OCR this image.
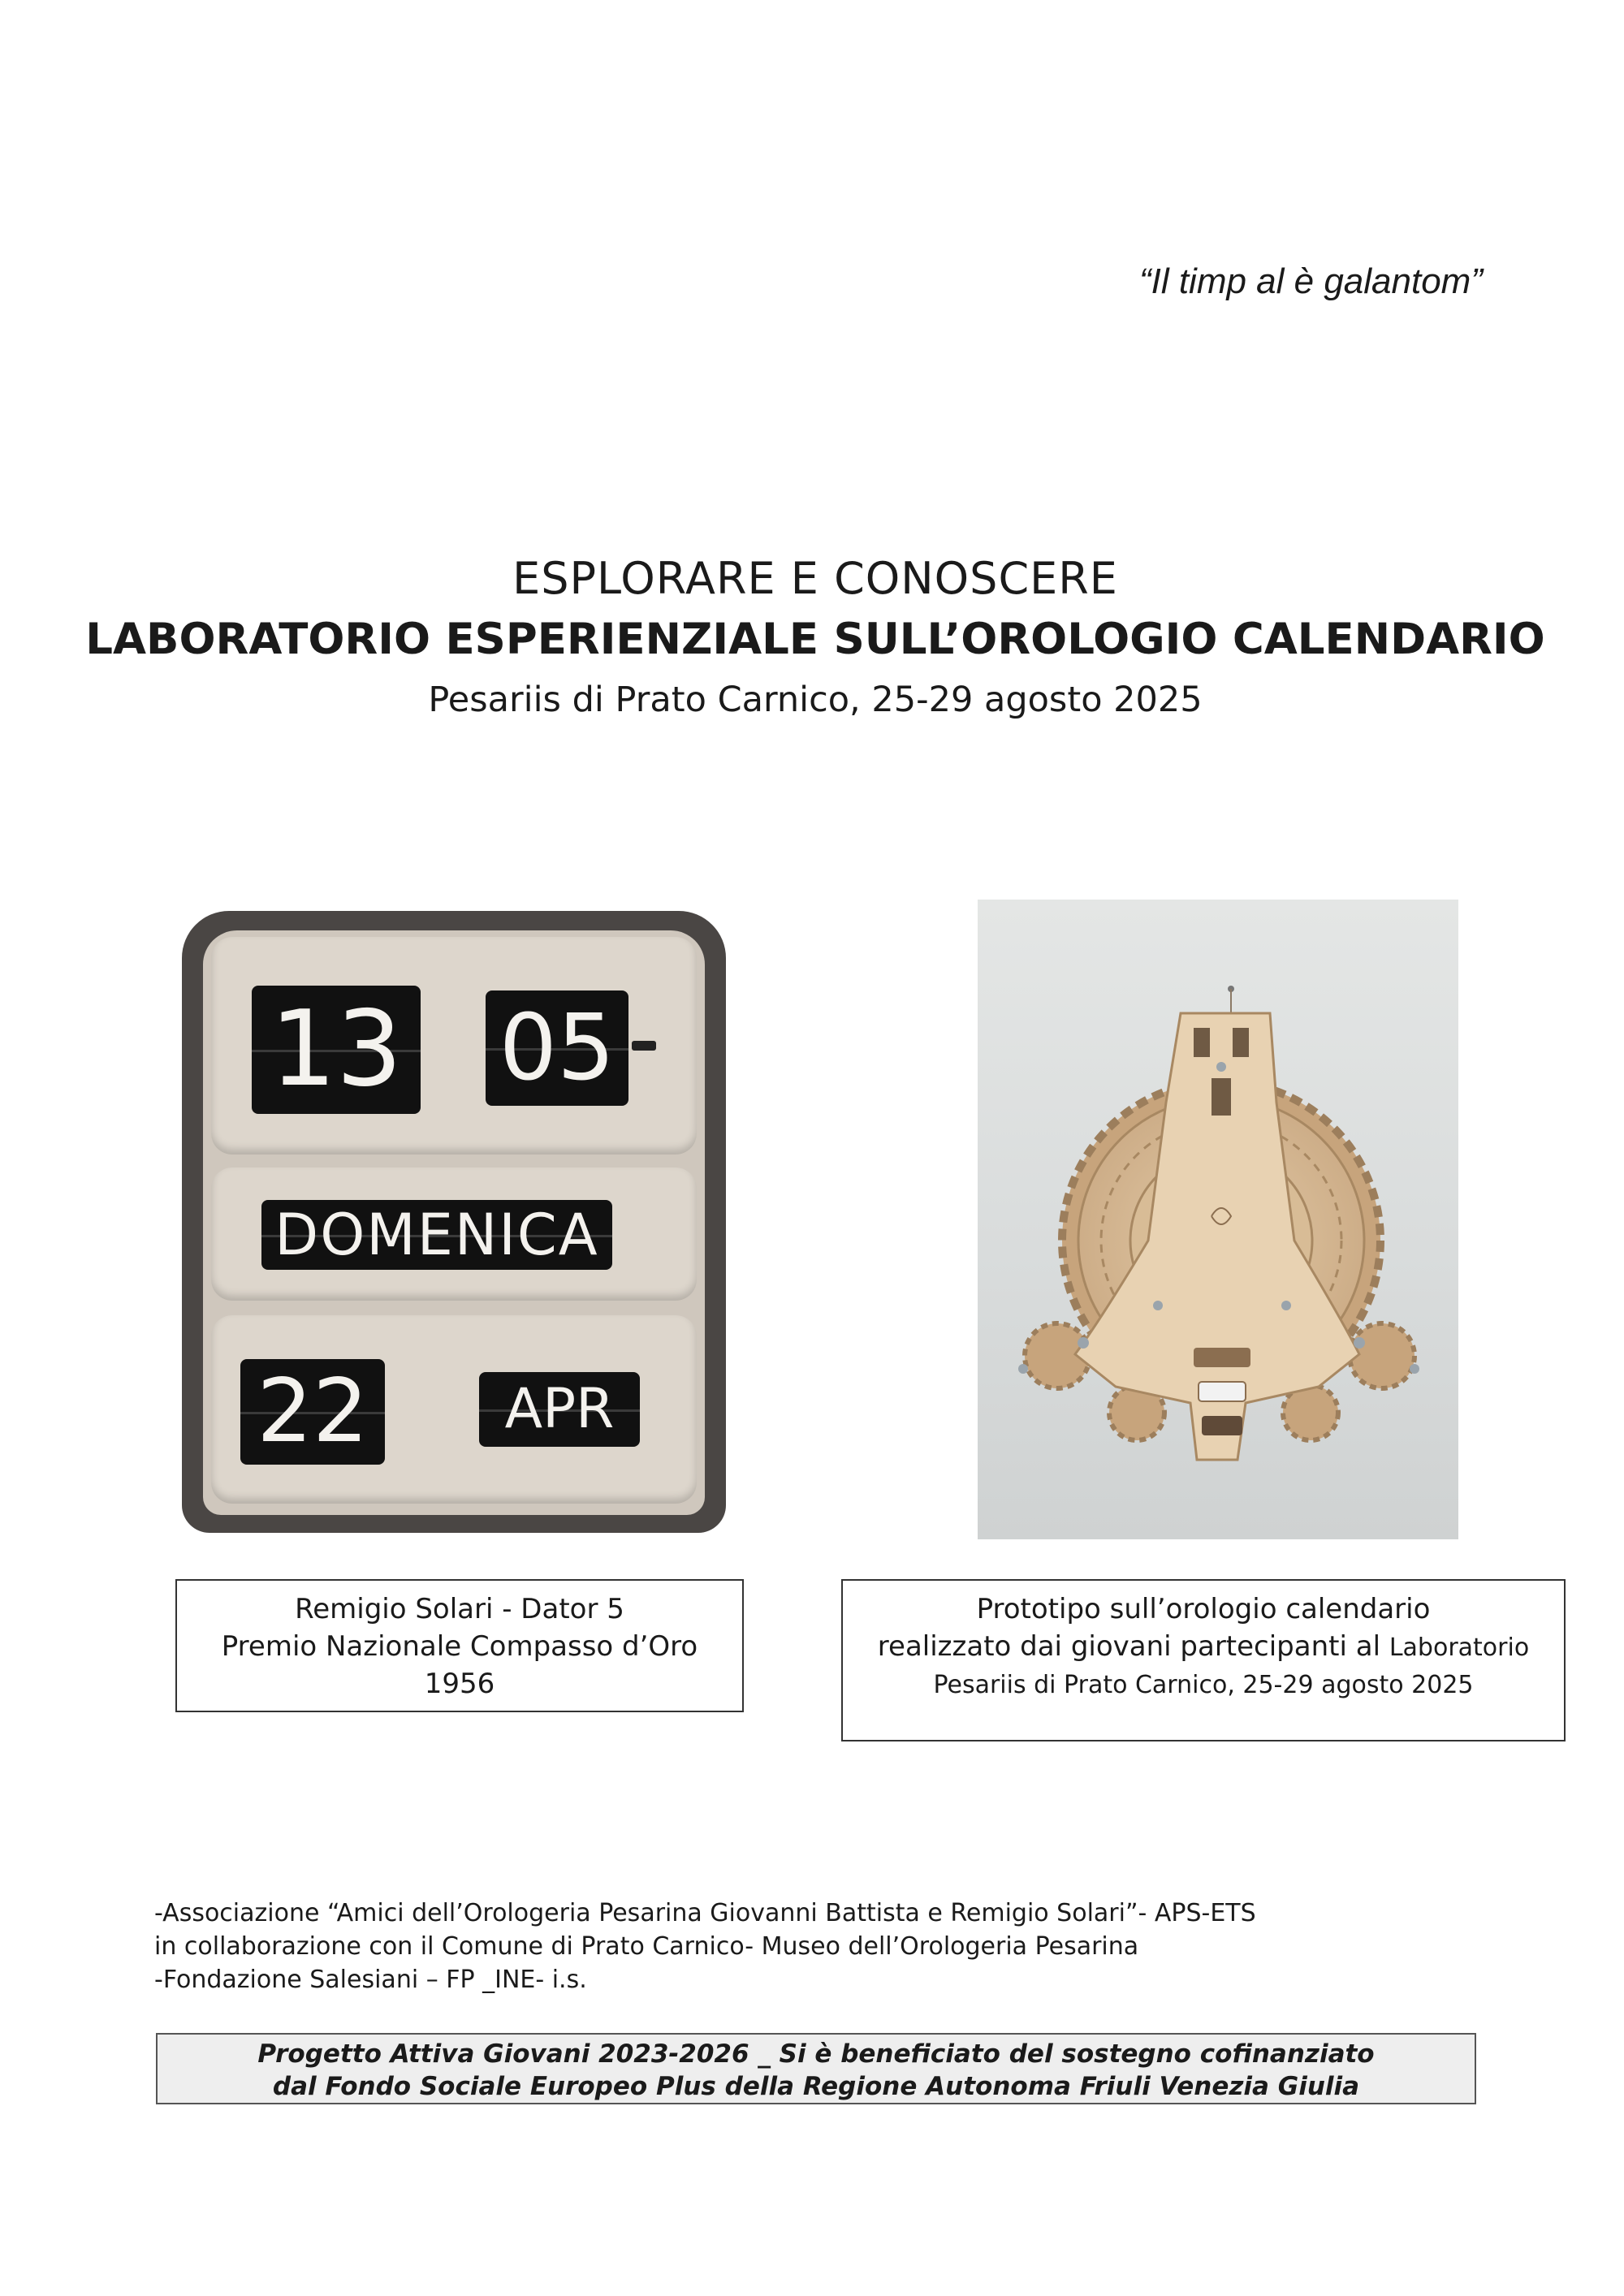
“Il timp al è galantom”
ESPLORARE E CONOSCERE
LABORATORIO ESPERIENZIALE SULL’OROLOGIO CALENDARIO
Pesariis di Prato Carnico, 25-29 agosto 2025
13 05
DOMENICA
22	APR
Remigio Solari - Dator 5
Premio Nazionale Compasso d’Oro
1956
Prototipo sull’orologio calendario
realizzato dai giovani partecipanti al Laboratorio
Pesariis di Prato Carnico, 25-29 agosto 2025
-Associazione “Amici dell’Orologeria Pesarina Giovanni Battista e Remigio Solari”- APS-ETS
in collaborazione con il Comune di Prato Carnico- Museo dell’Orologeria Pesarina
-Fondazione Salesiani – FP _INE- i.s.
Progetto Attiva Giovani 2023-2026 _ Si è beneficiato del sostegno cofinanziato
dal Fondo Sociale Europeo Plus della Regione Autonoma Friuli Venezia Giulia
